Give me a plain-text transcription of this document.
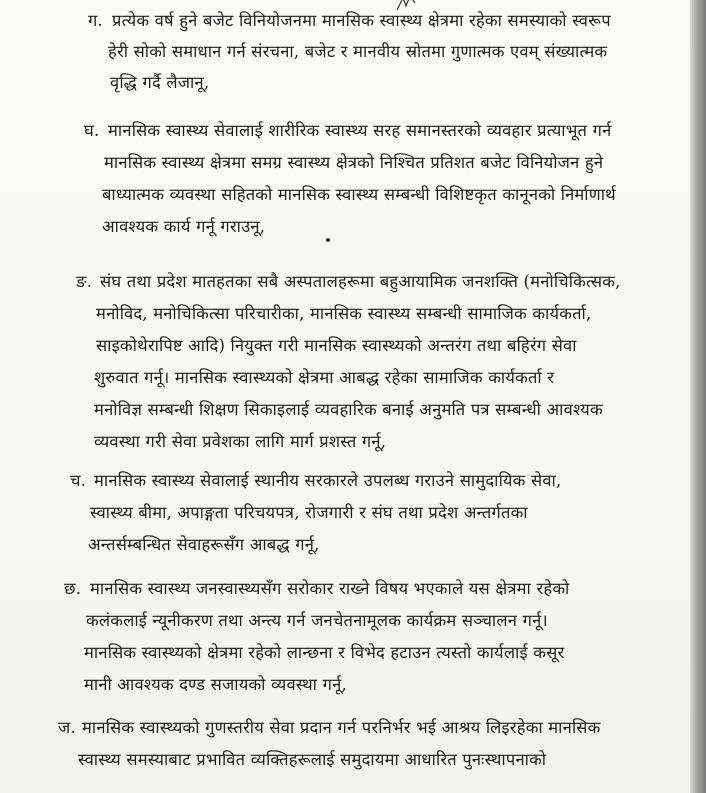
ग. प्रत्येक वर्ष हुने बजेट विनियोजनमा मानसिक स्वास्थ्य क्षेत्रमा रहेका समस्याको स्वरूप
हेरी सोको समाधान गर्न संरचना, बजेट र मानवीय स्रोतमा गुणात्मक एवम् संख्यात्मक
वृद्धि गर्दै लैजानू,
घ. मानसिक स्वास्थ्य सेवालाई शारीरिक स्वास्थ्य सरह समानस्तरको व्यवहार प्रत्याभूत गर्न
मानसिक स्वास्थ्य क्षेत्रमा समग्र स्वास्थ्य क्षेत्रको निश्चित प्रतिशत बजेट विनियोजन हुने
बाध्यात्मक व्यवस्था सहितको मानसिक स्वास्थ्य सम्बन्धी विशिष्टकृत कानूनको निर्माणार्थ
आवश्यक कार्य गर्नू गराउनू,
ङ. संघ तथा प्रदेश मातहतका सबै अस्पतालहरूमा बहुआयामिक जनशक्ति (मनोचिकित्सक,
मनोविद, मनोचिकित्सा परिचारीका, मानसिक स्वास्थ्य सम्बन्धी सामाजिक कार्यकर्ता,
साइकोथेरापिष्ट आदि) नियुक्त गरी मानसिक स्वास्थ्यको अन्तरंग तथा बहिरंग सेवा
शुरुवात गर्नू। मानसिक स्वास्थ्यको क्षेत्रमा आबद्ध रहेका सामाजिक कार्यकर्ता र
मनोविज्ञ सम्बन्धी शिक्षण सिकाइलाई व्यवहारिक बनाई अनुमति पत्र सम्बन्धी आवश्यक
व्यवस्था गरी सेवा प्रवेशका लागि मार्ग प्रशस्त गर्नू,
च. मानसिक स्वास्थ्य सेवालाई स्थानीय सरकारले उपलब्ध गराउने सामुदायिक सेवा,
स्वास्थ्य बीमा, अपाङ्गता परिचयपत्र, रोजगारी र संघ तथा प्रदेश अन्तर्गतका
अन्तर्सम्बन्धित सेवाहरूसँग आबद्ध गर्नू,
छ. मानसिक स्वास्थ्य जनस्वास्थ्यसँग सरोकार राख्ने विषय भएकाले यस क्षेत्रमा रहेको
कलंकलाई न्यूनीकरण तथा अन्त्य गर्न जनचेतनामूलक कार्यक्रम सञ्चालन गर्नू।
मानसिक स्वास्थ्यको क्षेत्रमा रहेको लान्छना र विभेद हटाउन त्यस्तो कार्यलाई कसूर
मानी आवश्यक दण्ड सजायको व्यवस्था गर्नू,
ज. मानसिक स्वास्थ्यको गुणस्तरीय सेवा प्रदान गर्न परनिर्भर भई आश्रय लिइरहेका मानसिक
स्वास्थ्य समस्याबाट प्रभावित व्यक्तिहरूलाई समुदायमा आधारित पुनःस्थापनाको
